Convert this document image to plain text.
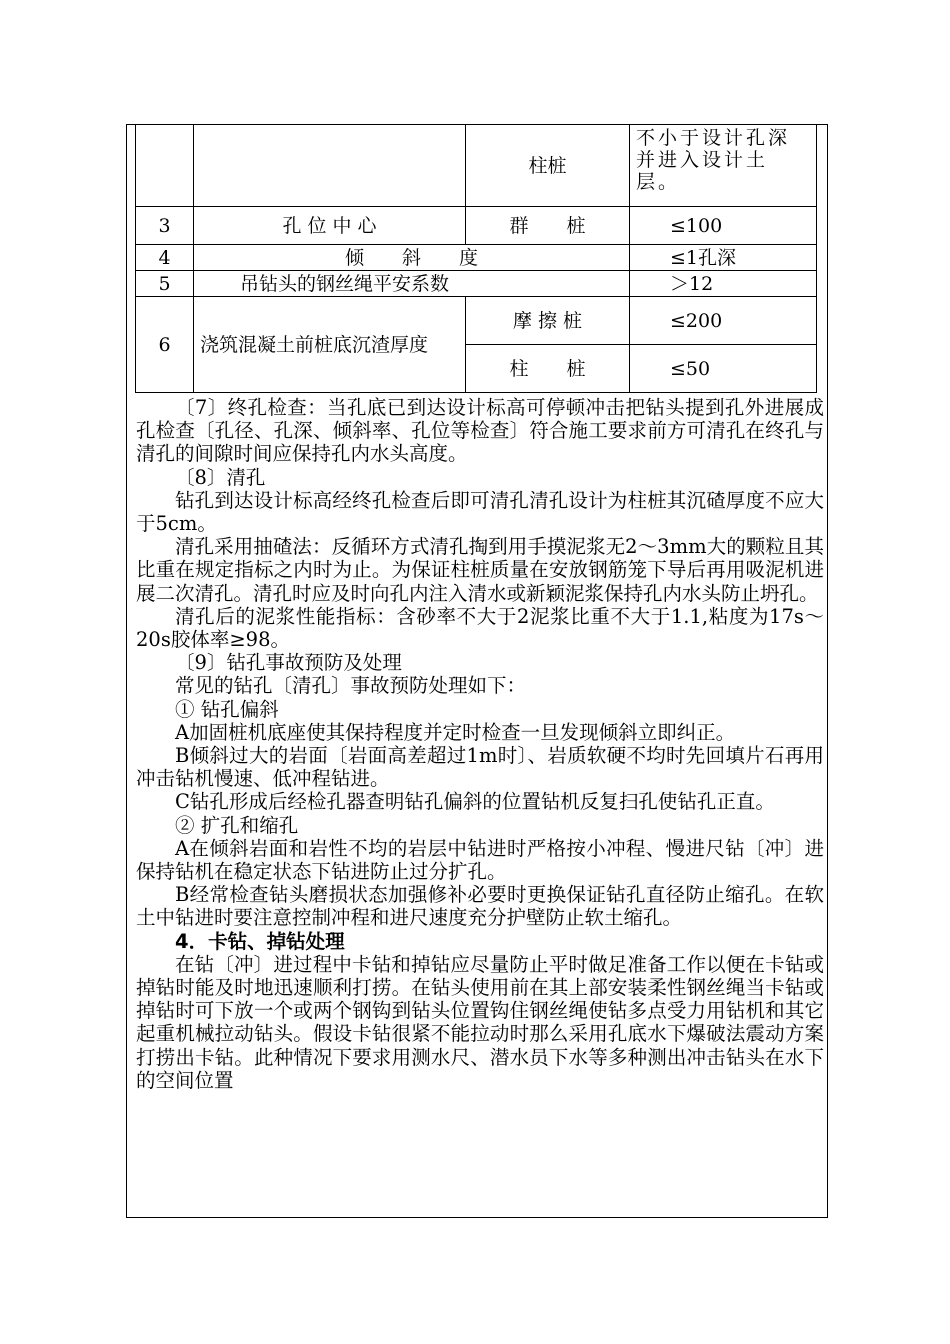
		柱桩	不小于设计孔深并进入设计土层。
3	孔 位 中 心	群　　桩	≤100
4	倾　　斜　　度		≤1孔深
5	吊钻头的钢丝绳平安系数		＞12
6	浇筑混凝土前桩底沉渣厚度	摩 擦 桩	≤200
		柱　　桩	≤50

〔7〕终孔检查：当孔底已到达设计标高可停顿冲击把钻头提到孔外进展成孔检查〔孔径、孔深、倾斜率、孔位等检查〕符合施工要求前方可清孔在终孔与清孔的间隙时间应保持孔内水头高度。

〔8〕清孔

钻孔到达设计标高经终孔检查后即可清孔清孔设计为柱桩其沉碴厚度不应大于5cm。

清孔采用抽碴法：反循环方式清孔掏到用手摸泥浆无2～3mm大的颗粒且其比重在规定指标之内时为止。为保证柱桩质量在安放钢筋笼下导后再用吸泥机进展二次清孔。清孔时应及时向孔内注入清水或新颖泥浆保持孔内水头防止坍孔。

清孔后的泥浆性能指标：含砂率不大于2泥浆比重不大于1.1,粘度为17s～20s胶体率≥98。

〔9〕钻孔事故预防及处理

常见的钻孔〔清孔〕事故预防处理如下：

① 钻孔偏斜

A加固桩机底座使其保持程度并定时检查一旦发现倾斜立即纠正。

B倾斜过大的岩面〔岩面高差超过1m时〕、岩质软硬不均时先回填片石再用冲击钻机慢速、低冲程钻进。

C钻孔形成后经检孔器查明钻孔偏斜的位置钻机反复扫孔使钻孔正直。

② 扩孔和缩孔

A在倾斜岩面和岩性不均的岩层中钻进时严格按小冲程、慢进尺钻〔冲〕进保持钻机在稳定状态下钻进防止过分扩孔。

B经常检查钻头磨损状态加强修补必要时更换保证钻孔直径防止缩孔。在软土中钻进时要注意控制冲程和进尺速度充分护壁防止软土缩孔。

4．卡钻、掉钻处理

在钻〔冲〕进过程中卡钻和掉钻应尽量防止平时做足准备工作以便在卡钻或掉钻时能及时地迅速顺利打捞。在钻头使用前在其上部安装柔性钢丝绳当卡钻或掉钻时可下放一个或两个钢钩到钻头位置钩住钢丝绳使钻多点受力用钻机和其它起重机械拉动钻头。假设卡钻很紧不能拉动时那么采用孔底水下爆破法震动方案打捞出卡钻。此种情况下要求用测水尺、潜水员下水等多种测出冲击钻头在水下的空间位置
